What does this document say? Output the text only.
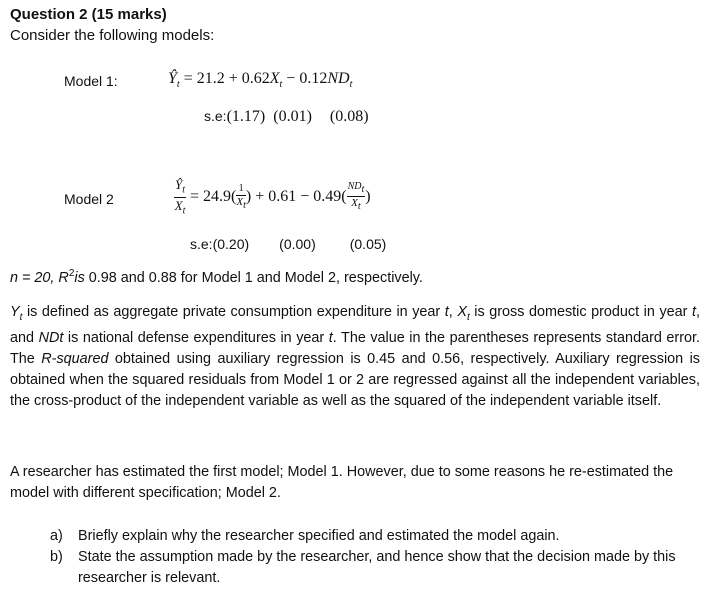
Question 2 (15 marks)
Consider the following models:
Model 1:	$Ŷ_t = 21.2 + 0.62X_t - 0.12ND_t$
s.e:(1.17) (0.01) (0.08)
Model 2	$\frac{Ŷ_t}{X_t} = 24.9( \frac{1}{X_t}$ ) + $0.61 - 0.49( \frac{ND_t}{X_t}$ )
s.e:(0.20) (0.00) (0.05)
n = 20, $R^2is$ 0.98 and 0.88 for Model 1 and Model 2, respectively.
$Y_t$ is defined as aggregate private consumption expenditure in year t, $X_t$ is gross domestic product in year t, and NDt is national defense expenditures in year t. The value in the parentheses represents standard error. The R-squared obtained using auxiliary regression is 0.45 and 0.56, respectively. Auxiliary regression is obtained when the squared residuals from Model 1 or 2 are regressed against all the independent variables, the cross-product of the independent variable as well as the squared of the independent variable itself.
A researcher has estimated the first model; Model 1. However, due to some reasons he re-estimated the model with different specification; Model 2.
a) Briefly explain why the researcher specified and estimated the model again.
b) State the assumption made by the researcher, and hence show that the decision made by this researcher is relevant.
